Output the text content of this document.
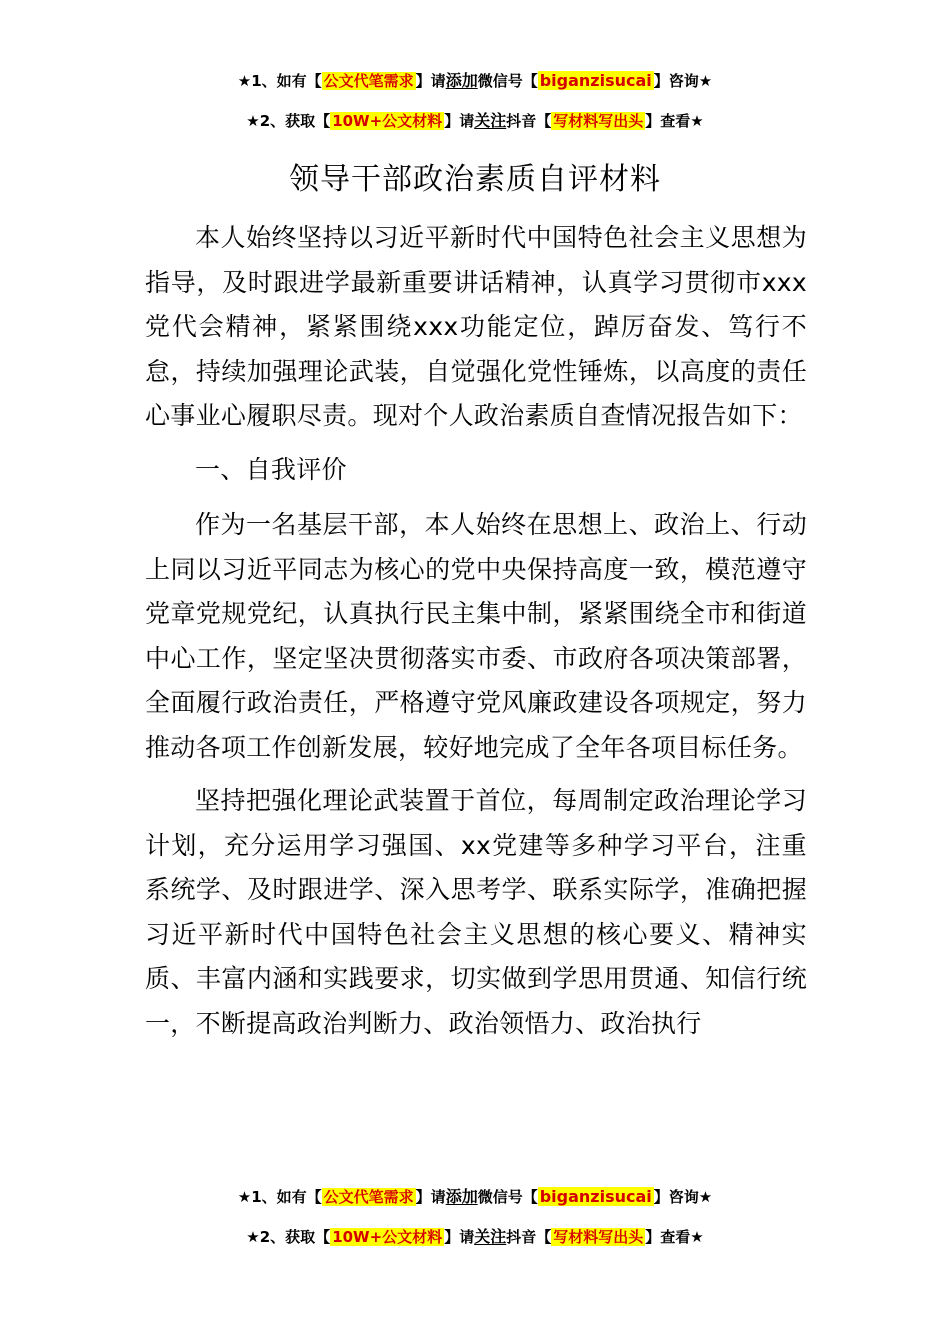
★1、如有【 公文代笔需求 】请添加微信号【 biganzisucai 】咨询★
★2、获取【 10W+公文材料 】请关注抖音【 写材料写出头 】查看★
领导干部政治素质自评材料

本人始终坚持以习近平新时代中国特色社会主义思想为指导，及时跟进学最新重要讲话精神，认真学习贯彻市xxx党代会精神，紧紧围绕xxx功能定位，踔厉奋发、笃行不怠，持续加强理论武装，自觉强化党性锤炼，以高度的责任心事业心履职尽责。现对个人政治素质自查情况报告如下：

一、自我评价

作为一名基层干部，本人始终在思想上、政治上、行动上同以习近平同志为核心的党中央保持高度一致，模范遵守党章党规党纪，认真执行民主集中制，紧紧围绕全市和街道中心工作，坚定坚决贯彻落实市委、市政府各项决策部署，全面履行政治责任，严格遵守党风廉政建设各项规定，努力推动各项工作创新发展，较好地完成了全年各项目标任务。

坚持把强化理论武装置于首位，每周制定政治理论学习计划，充分运用学习强国、xx党建等多种学习平台，注重系统学、及时跟进学、深入思考学、联系实际学，准确把握习近平新时代中国特色社会主义思想的核心要义、精神实质、丰富内涵和实践要求，切实做到学思用贯通、知信行统一，不断提高政治判断力、政治领悟力、政治执行

★1、如有【 公文代笔需求 】请添加微信号【 biganzisucai 】咨询★
★2、获取【 10W+公文材料 】请关注抖音【 写材料写出头 】查看★
